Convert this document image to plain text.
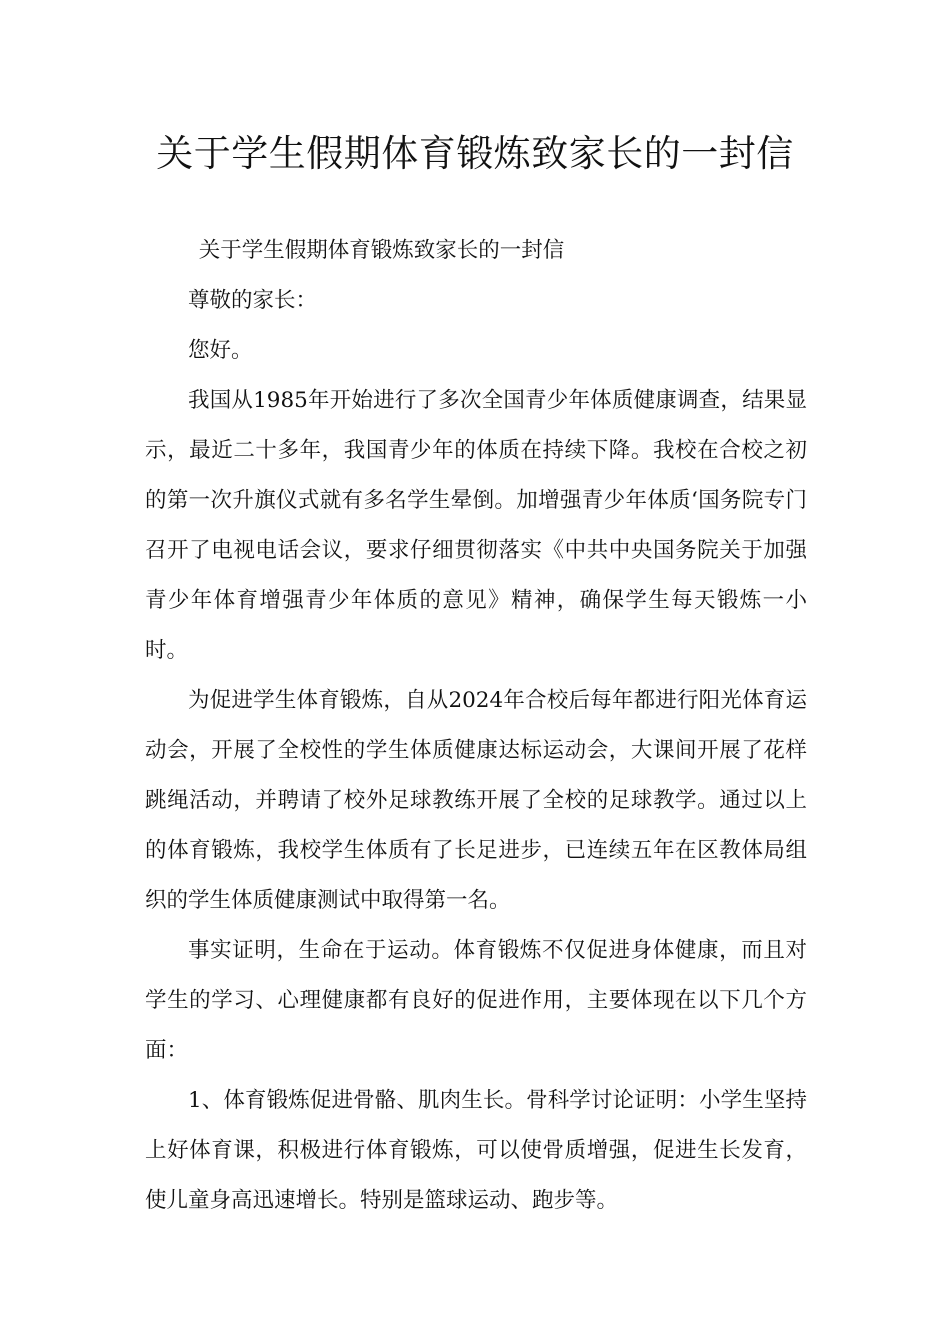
关于学生假期体育锻炼致家长的一封信

关于学生假期体育锻炼致家长的一封信

尊敬的家长：

您好。

我国从1985年开始进行了多次全国青少年体质健康调查，结果显示，最近二十多年，我国青少年的体质在持续下降。我校在合校之初的第一次升旗仪式就有多名学生晕倒。加增强青少年体质‘国务院专门召开了电视电话会议，要求仔细贯彻落实《中共中央国务院关于加强青少年体育增强青少年体质的意见》精神，确保学生每天锻炼一小时。

为促进学生体育锻炼，自从2024年合校后每年都进行阳光体育运动会，开展了全校性的学生体质健康达标运动会，大课间开展了花样跳绳活动，并聘请了校外足球教练开展了全校的足球教学。通过以上的体育锻炼，我校学生体质有了长足进步，已连续五年在区教体局组织的学生体质健康测试中取得第一名。

事实证明，生命在于运动。体育锻炼不仅促进身体健康，而且对学生的学习、心理健康都有良好的促进作用，主要体现在以下几个方面：

1、体育锻炼促进骨骼、肌肉生长。骨科学讨论证明：小学生坚持上好体育课，积极进行体育锻炼，可以使骨质增强，促进生长发育，使儿童身高迅速增长。特别是篮球运动、跑步等。
